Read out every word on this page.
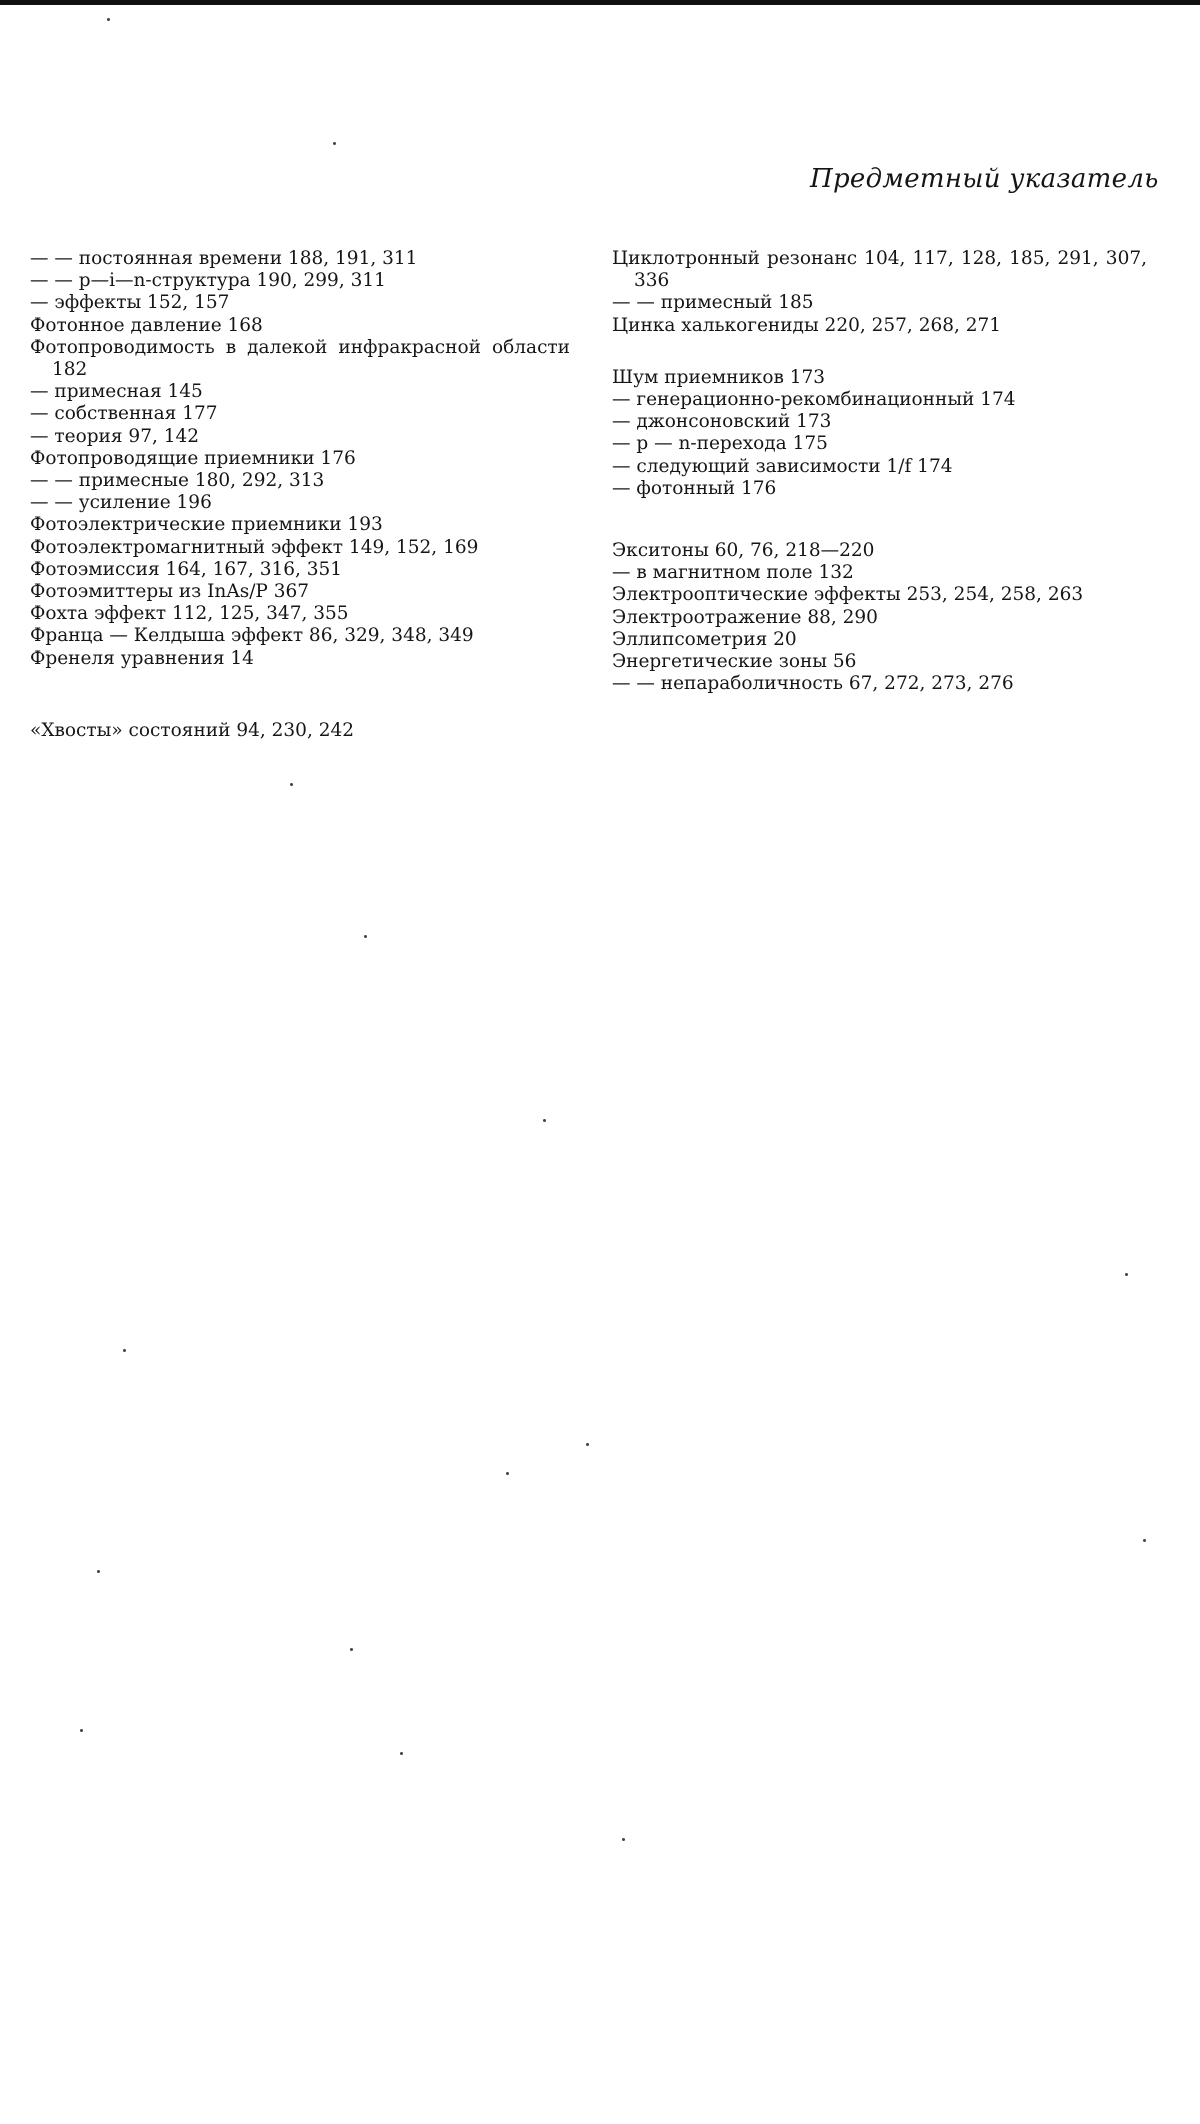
Предметный указатель

— — постоянная времени 188, 191, 311

— — p—i—n-структура 190, 299, 311

— эффекты 152, 157

Фотонное давление 168

Фотопроводимость в далекой инфракрасной области 182

— примесная 145

— собственная 177

— теория 97, 142

Фотопроводящие приемники 176

— — примесные 180, 292, 313

— — усиление 196

Фотоэлектрические приемники 193

Фотоэлектромагнитный эффект 149, 152, 169

Фотоэмиссия 164, 167, 316, 351

Фотоэмиттеры из InAs/P 367

Фохта эффект 112, 125, 347, 355

Франца — Келдыша эффект 86, 329, 348, 349

Френеля уравнения 14

«Хвосты» состояний 94, 230, 242

Циклотронный резонанс 104, 117, 128, 185, 291, 307, 336

— — примесный 185

Цинка халькогениды 220, 257, 268, 271

Шум приемников 173

— генерационно-рекомбинационный 174

— джонсоновский 173

— p — n-перехода 175

— следующий зависимости 1/f 174

— фотонный 176

Экситоны 60, 76, 218—220

— в магнитном поле 132

Электрооптические эффекты 253, 254, 258, 263

Электроотражение 88, 290

Эллипсометрия 20

Энергетические зоны 56

— — непараболичность 67, 272, 273, 276
